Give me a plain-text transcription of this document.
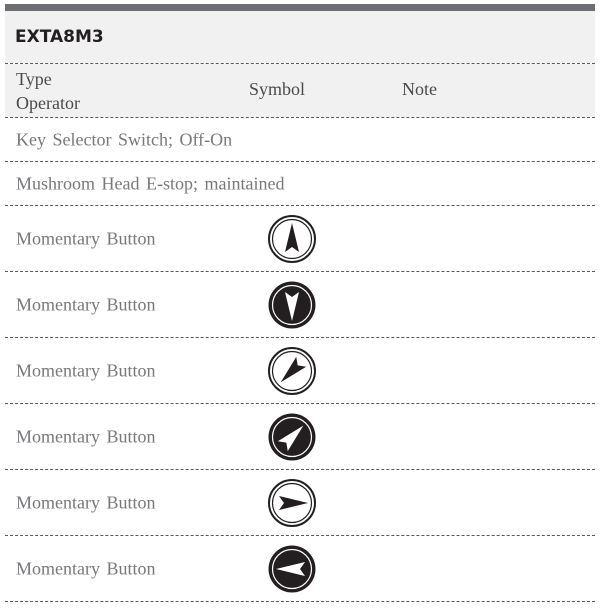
EXTA8M3
Type
Operator
Symbol	Note
Key Selector Switch; Off-On
Mushroom Head E-stop; maintained
Momentary Button
Momentary Button
Momentary Button
Momentary Button
Momentary Button
Momentary Button
